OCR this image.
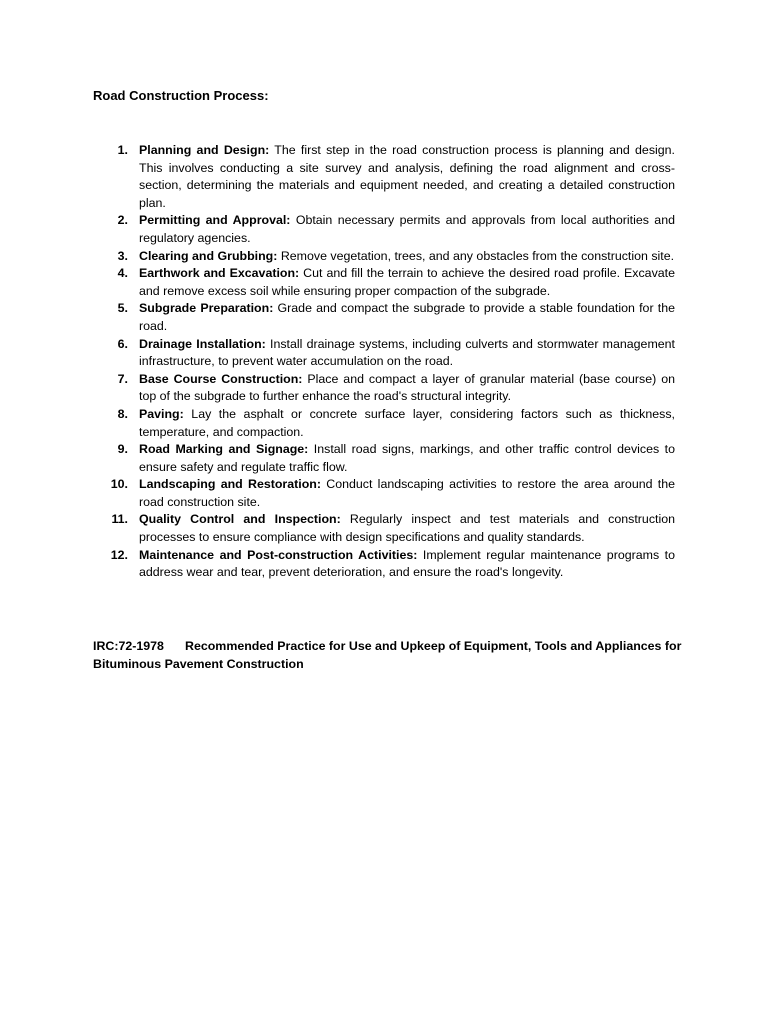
Road Construction Process:
1. Planning and Design: The first step in the road construction process is planning and design. This involves conducting a site survey and analysis, defining the road alignment and cross-section, determining the materials and equipment needed, and creating a detailed construction plan.
2. Permitting and Approval: Obtain necessary permits and approvals from local authorities and regulatory agencies.
3. Clearing and Grubbing: Remove vegetation, trees, and any obstacles from the construction site.
4. Earthwork and Excavation: Cut and fill the terrain to achieve the desired road profile. Excavate and remove excess soil while ensuring proper compaction of the subgrade.
5. Subgrade Preparation: Grade and compact the subgrade to provide a stable foundation for the road.
6. Drainage Installation: Install drainage systems, including culverts and stormwater management infrastructure, to prevent water accumulation on the road.
7. Base Course Construction: Place and compact a layer of granular material (base course) on top of the subgrade to further enhance the road's structural integrity.
8. Paving: Lay the asphalt or concrete surface layer, considering factors such as thickness, temperature, and compaction.
9. Road Marking and Signage: Install road signs, markings, and other traffic control devices to ensure safety and regulate traffic flow.
10. Landscaping and Restoration: Conduct landscaping activities to restore the area around the road construction site.
11. Quality Control and Inspection: Regularly inspect and test materials and construction processes to ensure compliance with design specifications and quality standards.
12. Maintenance and Post-construction Activities: Implement regular maintenance programs to address wear and tear, prevent deterioration, and ensure the road's longevity.
IRC:72-1978 Recommended Practice for Use and Upkeep of Equipment, Tools and Appliances for Bituminous Pavement Construction
